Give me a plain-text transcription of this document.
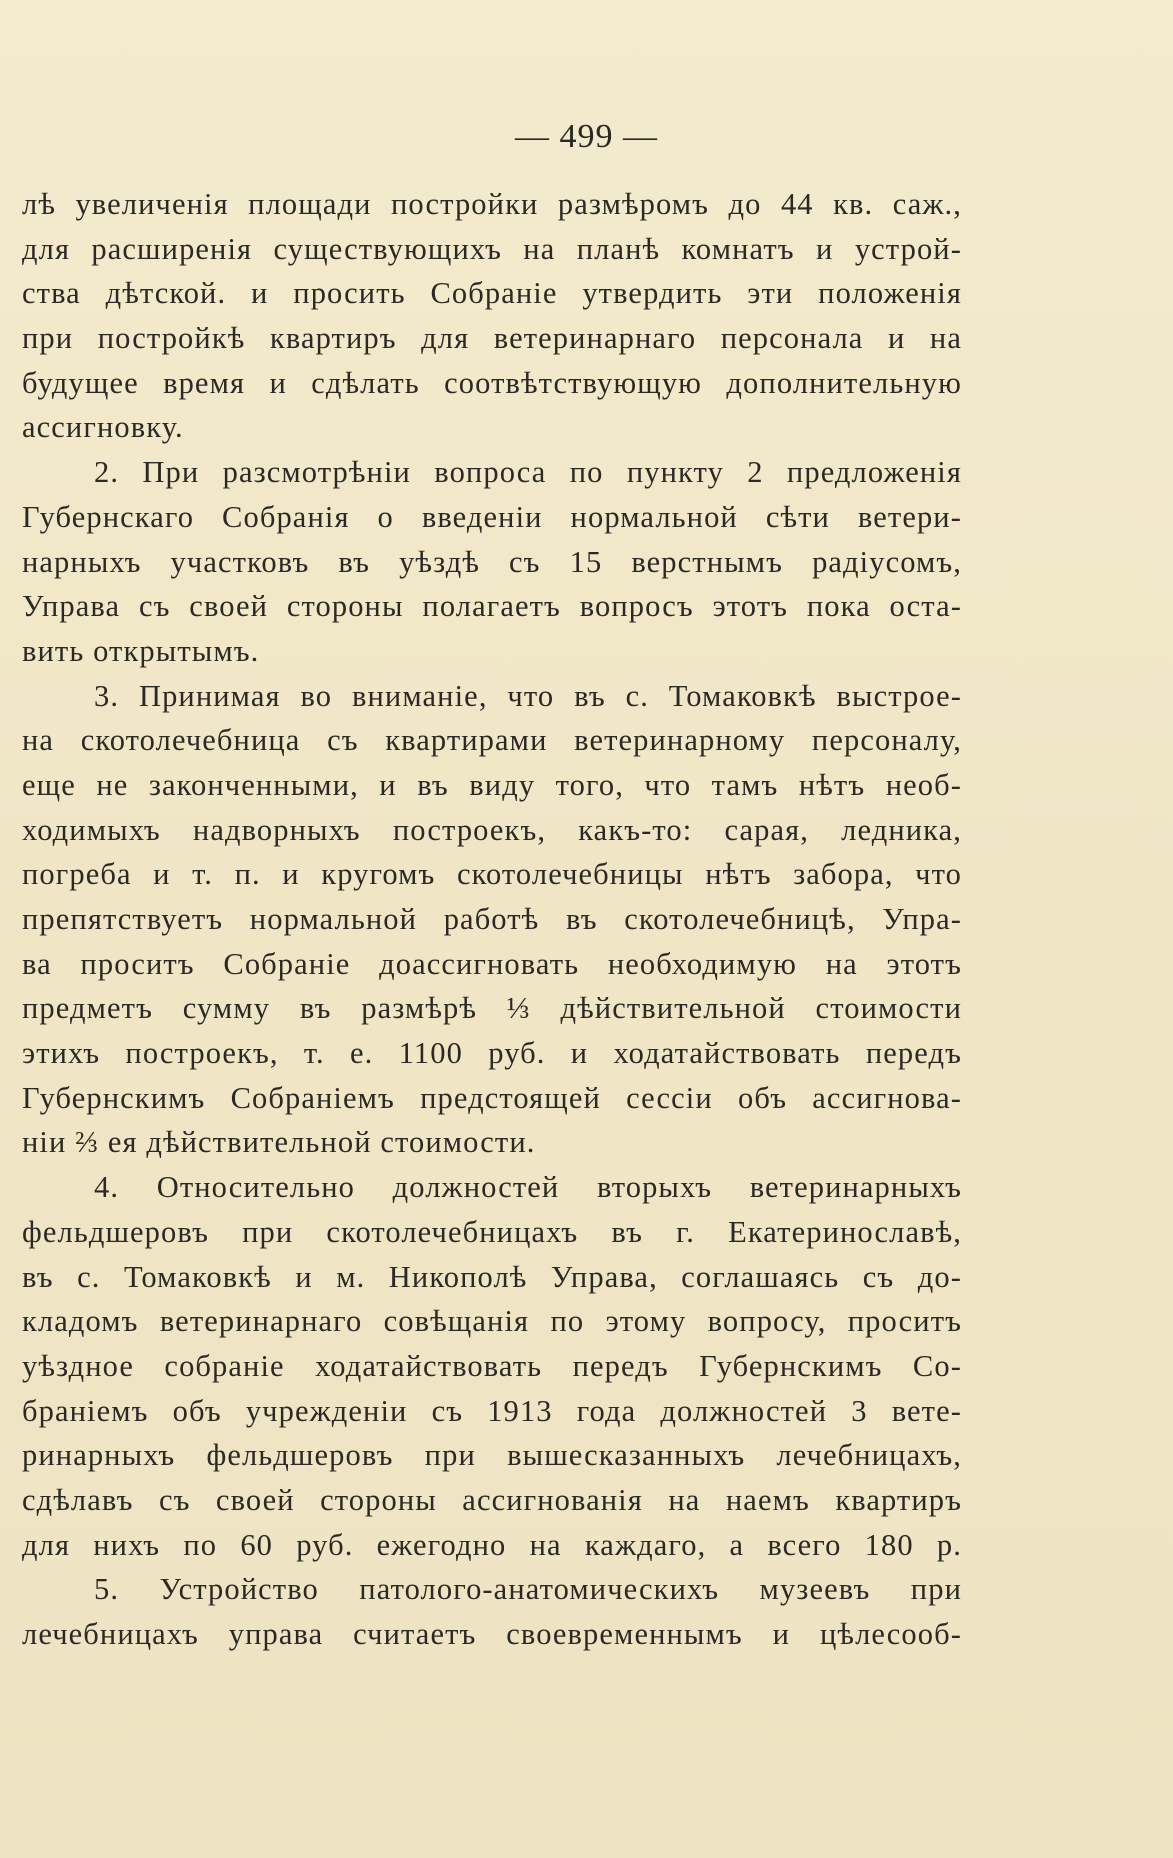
— 499 —
лѣ увеличенія площади постройки размѣромъ до 44 кв. саж.,
для расширенія существующихъ на планѣ комнатъ и устрой-
ства дѣтской. и просить Собраніе утвердить эти положенія
при постройкѣ квартиръ для ветеринарнаго персонала и на
будущее время и сдѣлать соотвѣтствующую дополнительную
ассигновку.
2. При разсмотрѣніи вопроса по пункту 2 предложенія
Губернскаго Собранія о введеніи нормальной сѣти ветери-
нарныхъ участковъ въ уѣздѣ съ 15 верстнымъ радіусомъ,
Управа съ своей стороны полагаетъ вопросъ этотъ пока оста-
вить открытымъ.
3. Принимая во вниманіе, что въ с. Томаковкѣ выстрое-
на скотолечебница съ квартирами ветеринарному персоналу,
еще не законченными, и въ виду того, что тамъ нѣтъ необ-
ходимыхъ надворныхъ построекъ, какъ-то: сарая, ледника,
погреба и т. п. и кругомъ скотолечебницы нѣтъ забора, что
препятствуетъ нормальной работѣ въ скотолечебницѣ, Упра-
ва проситъ Собраніе доассигновать необходимую на этотъ
предметъ сумму въ размѣрѣ ⅓ дѣйствительной стоимости
этихъ построекъ, т. е. 1100 руб. и ходатайствовать передъ
Губернскимъ Собраніемъ предстоящей сессіи объ ассигнова-
ніи ⅔ ея дѣйствительной стоимости.
4. Относительно должностей вторыхъ ветеринарныхъ
фельдшеровъ при скотолечебницахъ въ г. Екатеринославѣ,
въ с. Томаковкѣ и м. Никополѣ Управа, соглашаясь съ до-
кладомъ ветеринарнаго совѣщанія по этому вопросу, проситъ
уѣздное собраніе ходатайствовать передъ Губернскимъ Со-
браніемъ объ учрежденіи съ 1913 года должностей 3 вете-
ринарныхъ фельдшеровъ при вышесказанныхъ лечебницахъ,
сдѣлавъ съ своей стороны ассигнованія на наемъ квартиръ
для нихъ по 60 руб. ежегодно на каждаго, а всего 180 р.
5. Устройство патолого-анатомическихъ музеевъ при
лечебницахъ управа считаетъ своевременнымъ и цѣлесооб-
